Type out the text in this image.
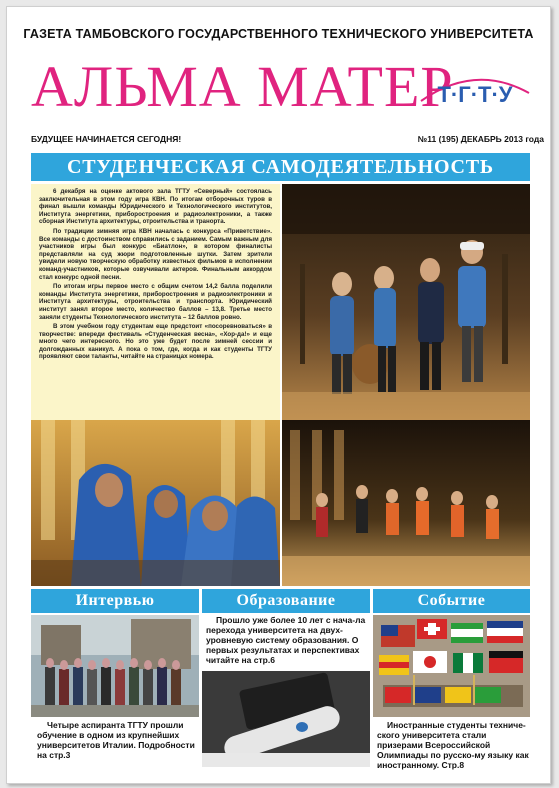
ГАЗЕТА ТАМБОВСКОГО ГОСУДАРСТВЕННОГО ТЕХНИЧЕСКОГО УНИВЕРСИТЕТА
АЛЬМА МАТЕР
Т·Г·Т·У
БУДУЩЕЕ НАЧИНАЕТСЯ СЕГОДНЯ!	№11 (195) ДЕКАБРЬ 2013 года
СТУДЕНЧЕСКАЯ САМОДЕЯТЕЛЬНОСТЬ

6 декабря на оценке актового зала ТГТУ «Северный» состоялась заключительная в этом году игра КВН. По итогам отборочных туров в финал вышли команды Юридического и Технологического институтов, Института энергетики, приборостроения и радиоэлектроники, а также сборная Института архитектуры, отроительства и транорта.

По традиции зимняя игра КВН началась с конкурса «Приветствие». Все команды с достоинством справились с заданием. Самым важным для участников игры был конкурс «Биатлон», в котором финалисты представляли на суд жюри подготовленные шутки. Затем зрители увидели новую творческую обработку известных фильмов в исполнении команд-участников, которые озвучивали актеров. Финальным аккордом стал конкурс одной песни.

По итогам игры первое место с общим счетом 14,2 балла поделили команды Института энергетики, приборостроения и радиоэлектроники и Института архитектуры, отроительства и транспорта. Юридический институт занял второе место, количество баллов – 13,8. Третье место заняли студенты Технологического института – 12 баллов ровно.

В этом учебном году студентам еще предстоит «посоревноваться» в творчестве: впереди фестиваль «Студенческая весна», «Хор-да!» и еще много чего интересного. Но это уже будет после зимней сессии и долгожданных каникул. А пока о том, где, когда и как студенты ТГТУ проявляют свои таланты, читайте на страницах номера.

Интервью	Образование	Событие

Четыре аспиранта ТГТУ прошли обучение в одном из крупнейших университетов Италии. Подробности на стр.3

Прошло уже более 10 лет с нача-ла перехода университета на двух-уровневую систему образования. О первых результатах и перспективах читайте на стр.6

Иностранные студенты техниче-ского университета стали призерами Всероссийской Олимпиады по русско-му языку как иностранному. Стр.8
